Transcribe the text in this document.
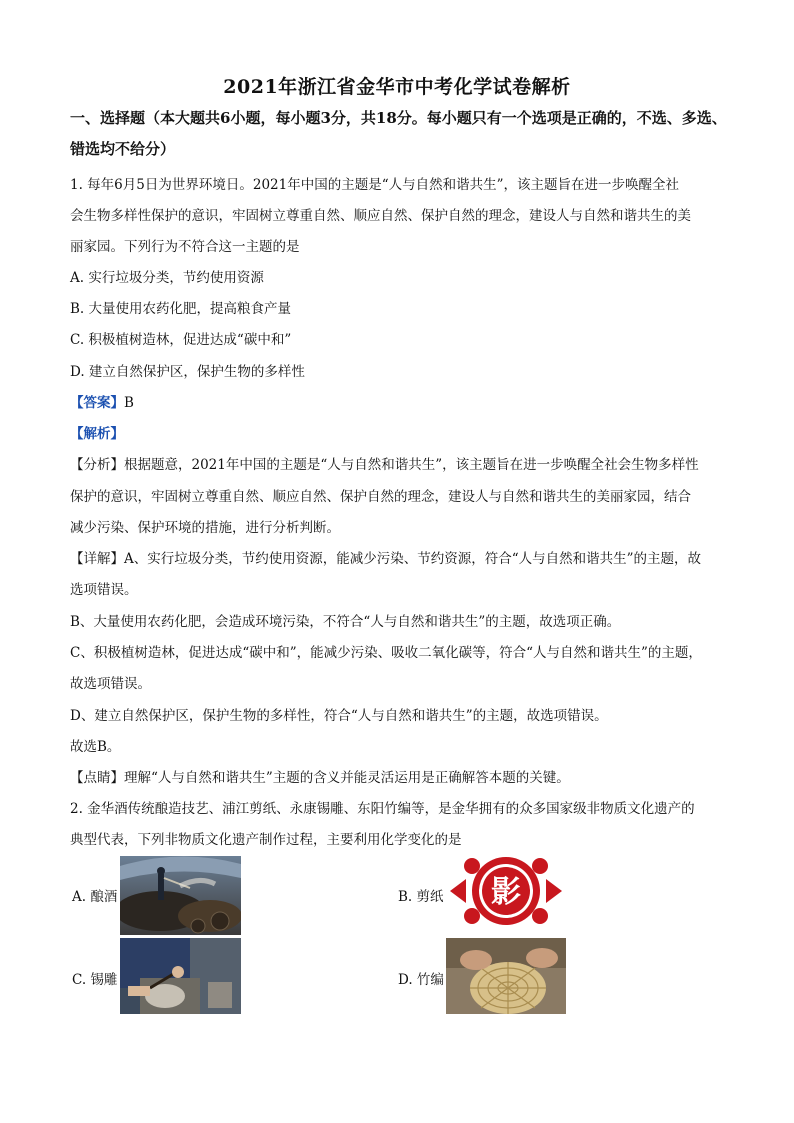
2021年浙江省金华市中考化学试卷解析
一、选择题（本大题共6小题，每小题3分，共18分。每小题只有一个选项是正确的，不选、多选、错选均不给分）
1. 每年6月5日为世界环境日。2021年中国的主题是“人与自然和谐共生”，该主题旨在进一步唤醒全社
会生物多样性保护的意识，牢固树立尊重自然、顺应自然、保护自然的理念，建设人与自然和谐共生的美
丽家园。下列行为不符合这一主题的是
A. 实行垃圾分类，节约使用资源
B. 大量使用农药化肥，提高粮食产量
C. 积极植树造林，促进达成“碳中和”
D. 建立自然保护区，保护生物的多样性
【答案】B
【解析】
【分析】根据题意，2021年中国的主题是“人与自然和谐共生”，该主题旨在进一步唤醒全社会生物多样性
保护的意识，牢固树立尊重自然、顺应自然、保护自然的理念，建设人与自然和谐共生的美丽家园，结合
减少污染、保护环境的措施，进行分析判断。
【详解】A、实行垃圾分类，节约使用资源，能减少污染、节约资源，符合“人与自然和谐共生”的主题，故
选项错误。
B、大量使用农药化肥，会造成环境污染，不符合“人与自然和谐共生”的主题，故选项正确。
C、积极植树造林，促进达成“碳中和”，能减少污染、吸收二氧化碳等，符合“人与自然和谐共生”的主题，
故选项错误。
D、建立自然保护区，保护生物的多样性，符合“人与自然和谐共生”的主题，故选项错误。
故选B。
【点睛】理解“人与自然和谐共生”主题的含义并能灵活运用是正确解答本题的关键。
2. 金华酒传统酿造技艺、浦江剪纸、永康锡雕、东阳竹编等，是金华拥有的众多国家级非物质文化遗产的
典型代表，下列非物质文化遗产制作过程，主要利用化学变化的是
A. 酿酒	B. 剪纸 影
C. 锡雕	D. 竹编
